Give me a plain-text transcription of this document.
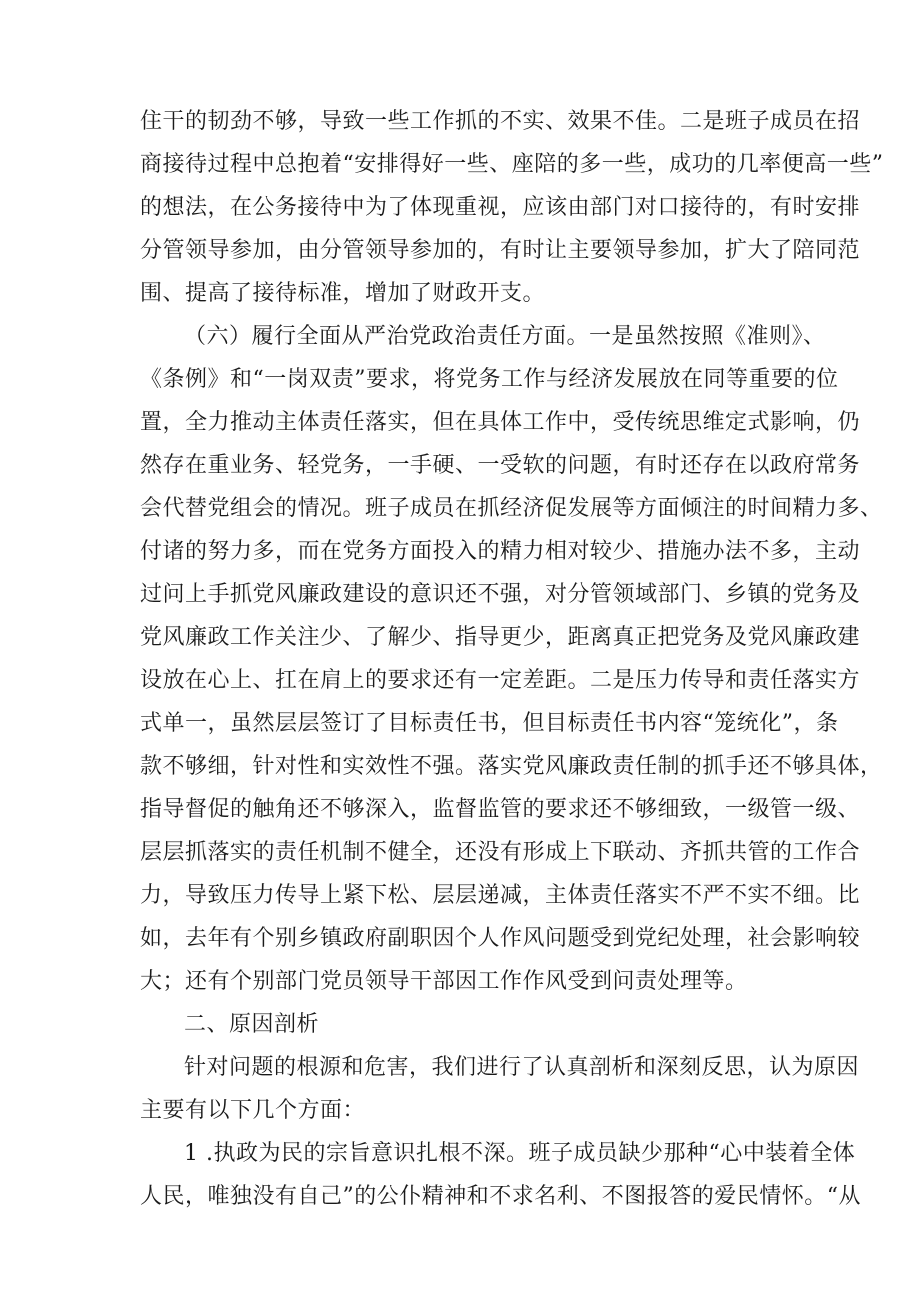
住干的韧劲不够，导致一些工作抓的不实、效果不佳。二是班子成员在招
商接待过程中总抱着“安排得好一些、座陪的多一些，成功的几率便高一些”
的想法，在公务接待中为了体现重视，应该由部门对口接待的，有时安排
分管领导参加，由分管领导参加的，有时让主要领导参加，扩大了陪同范
围、提高了接待标准，增加了财政开支。
（六）履行全面从严治党政治责任方面。一是虽然按照《准则》、
《条例》和“一岗双责”要求，将党务工作与经济发展放在同等重要的位
置，全力推动主体责任落实，但在具体工作中，受传统思维定式影响，仍
然存在重业务、轻党务，一手硬、一受软的问题，有时还存在以政府常务
会代替党组会的情况。班子成员在抓经济促发展等方面倾注的时间精力多、
付诸的努力多，而在党务方面投入的精力相对较少、措施办法不多，主动
过问上手抓党风廉政建设的意识还不强，对分管领域部门、乡镇的党务及
党风廉政工作关注少、了解少、指导更少，距离真正把党务及党风廉政建
设放在心上、扛在肩上的要求还有一定差距。二是压力传导和责任落实方
式单一，虽然层层签订了目标责任书，但目标责任书内容“笼统化”，条
款不够细，针对性和实效性不强。落实党风廉政责任制的抓手还不够具体，
指导督促的触角还不够深入，监督监管的要求还不够细致，一级管一级、
层层抓落实的责任机制不健全，还没有形成上下联动、齐抓共管的工作合
力，导致压力传导上紧下松、层层递减，主体责任落实不严不实不细。比
如，去年有个别乡镇政府副职因个人作风问题受到党纪处理，社会影响较
大；还有个别部门党员领导干部因工作作风受到问责处理等。
二、原因剖析
针对问题的根源和危害，我们进行了认真剖析和深刻反思，认为原因
主要有以下几个方面：
1 .执政为民的宗旨意识扎根不深。班子成员缺少那种“心中装着全体
人民，唯独没有自己”的公仆精神和不求名利、不图报答的爱民情怀。“从
